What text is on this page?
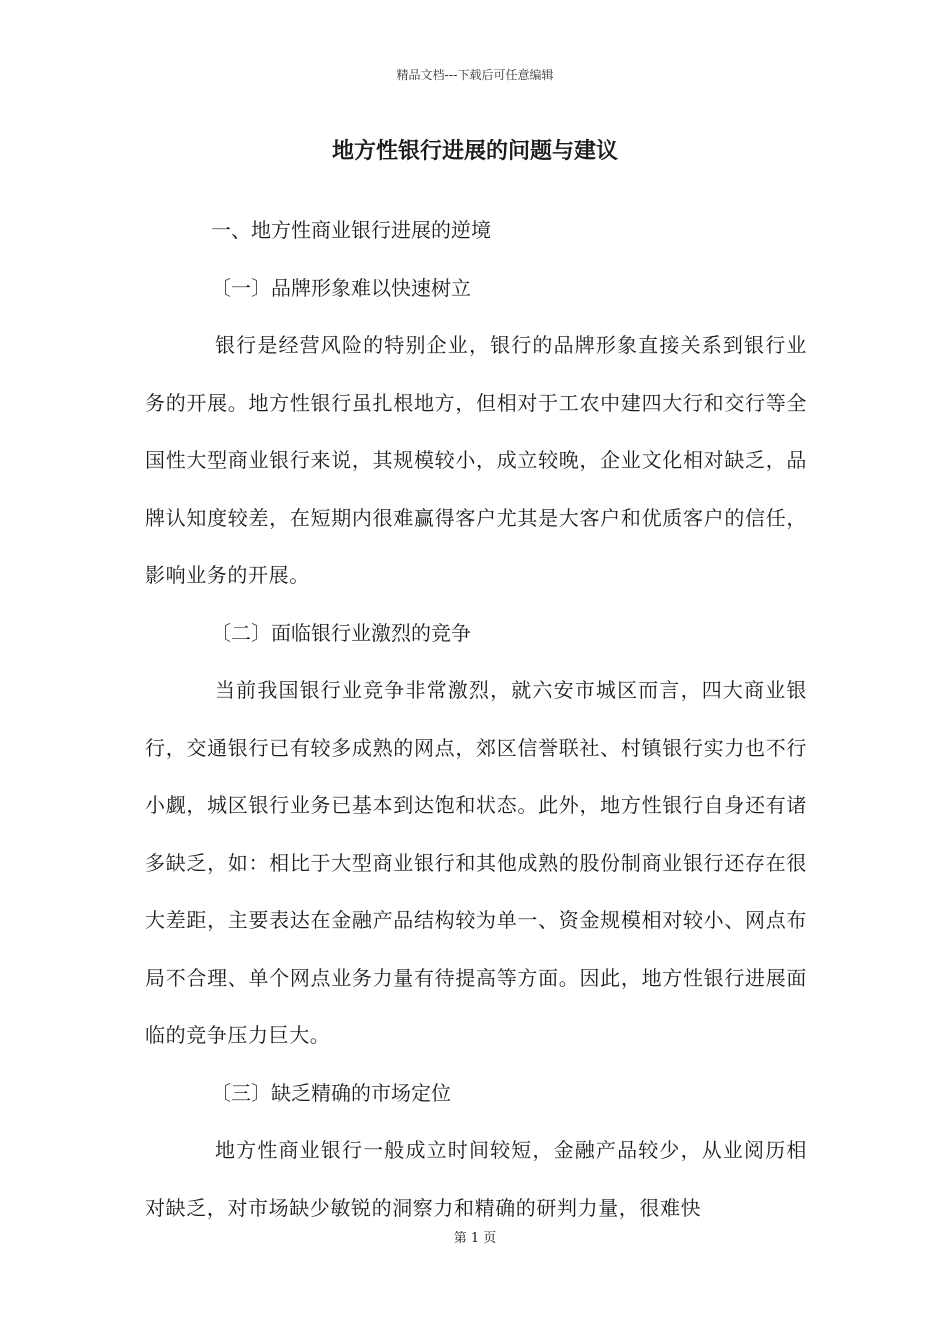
精品文档---下载后可任意编辑
地方性银行进展的问题与建议

一、地方性商业银行进展的逆境

〔一〕品牌形象难以快速树立

银行是经营风险的特别企业，银行的品牌形象直接关系到银行业务的开展。地方性银行虽扎根地方，但相对于工农中建四大行和交行等全国性大型商业银行来说，其规模较小，成立较晚，企业文化相对缺乏，品牌认知度较差，在短期内很难赢得客户尤其是大客户和优质客户的信任，影响业务的开展。

〔二〕面临银行业激烈的竞争

当前我国银行业竞争非常激烈，就六安市城区而言，四大商业银行，交通银行已有较多成熟的网点，郊区信誉联社、村镇银行实力也不行小觑，城区银行业务已基本到达饱和状态。此外，地方性银行自身还有诸多缺乏，如：相比于大型商业银行和其他成熟的股份制商业银行还存在很大差距，主要表达在金融产品结构较为单一、资金规模相对较小、网点布局不合理、单个网点业务力量有待提高等方面。因此，地方性银行进展面临的竞争压力巨大。

〔三〕缺乏精确的市场定位

地方性商业银行一般成立时间较短，金融产品较少，从业阅历相对缺乏，对市场缺少敏锐的洞察力和精确的研判力量，很难快

第 1 页
